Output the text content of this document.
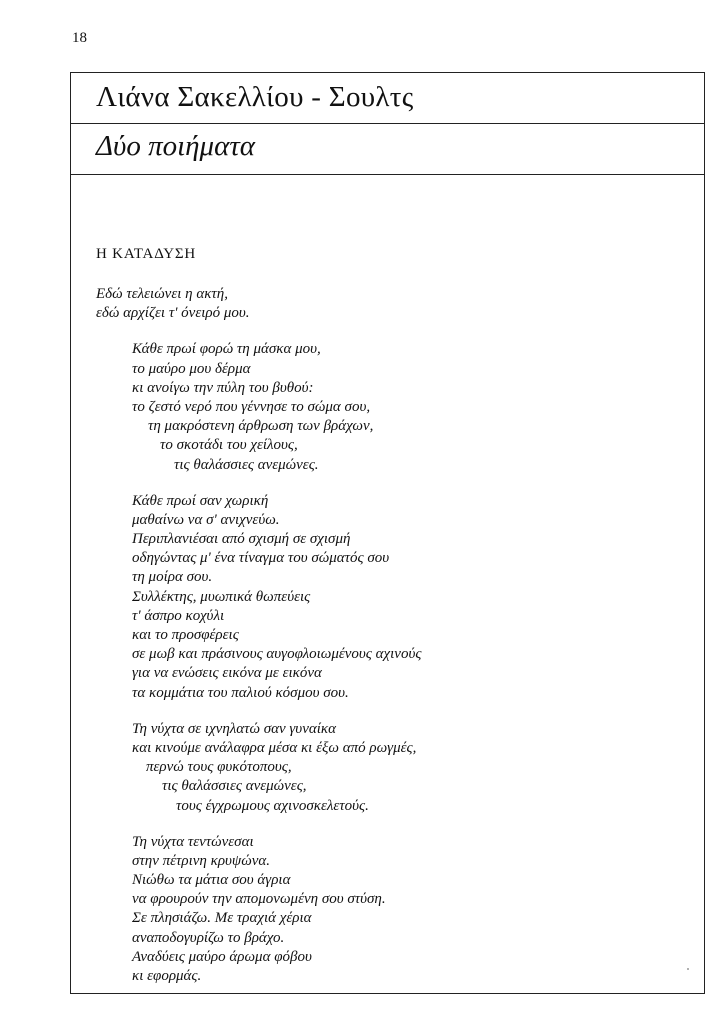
18
Λιάνα Σακελλίου - Σουλτς
Δύο ποιήματα
Η ΚΑΤΑΔΥΣΗ
Εδώ τελειώνει η ακτή,
εδώ αρχίζει τ' όνειρό μου.
Κάθε πρωί φορώ τη μάσκα μου,
το μαύρο μου δέρμα
κι ανοίγω την πύλη του βυθού:
το ζεστό νερό που γέννησε το σώμα σου,
τη μακρόστενη άρθρωση των βράχων,
το σκοτάδι του χείλους,
τις θαλάσσιες ανεμώνες.
Κάθε πρωί σαν χωρική
μαθαίνω να σ' ανιχνεύω.
Περιπλανιέσαι από σχισμή σε σχισμή
οδηγώντας μ' ένα τίναγμα του σώματός σου
τη μοίρα σου.
Συλλέκτης, μυωπικά θωπεύεις
τ' άσπρο κοχύλι
και το προσφέρεις
σε μωβ και πράσινους αυγοφλοιωμένους αχινούς
για να ενώσεις εικόνα με εικόνα
τα κομμάτια του παλιού κόσμου σου.
Τη νύχτα σε ιχνηλατώ σαν γυναίκα
και κινούμε ανάλαφρα μέσα κι έξω από ρωγμές,
περνώ τους φυκότοπους,
τις θαλάσσιες ανεμώνες,
τους έγχρωμους αχινοσκελετούς.
Τη νύχτα τεντώνεσαι
στην πέτρινη κρυψώνα.
Νιώθω τα μάτια σου άγρια
να φρουρούν την απομονωμένη σου στύση.
Σε πλησιάζω. Με τραχιά χέρια
αναποδογυρίζω το βράχο.
Αναδύεις μαύρο άρωμα φόβου
κι εφορμάς.
